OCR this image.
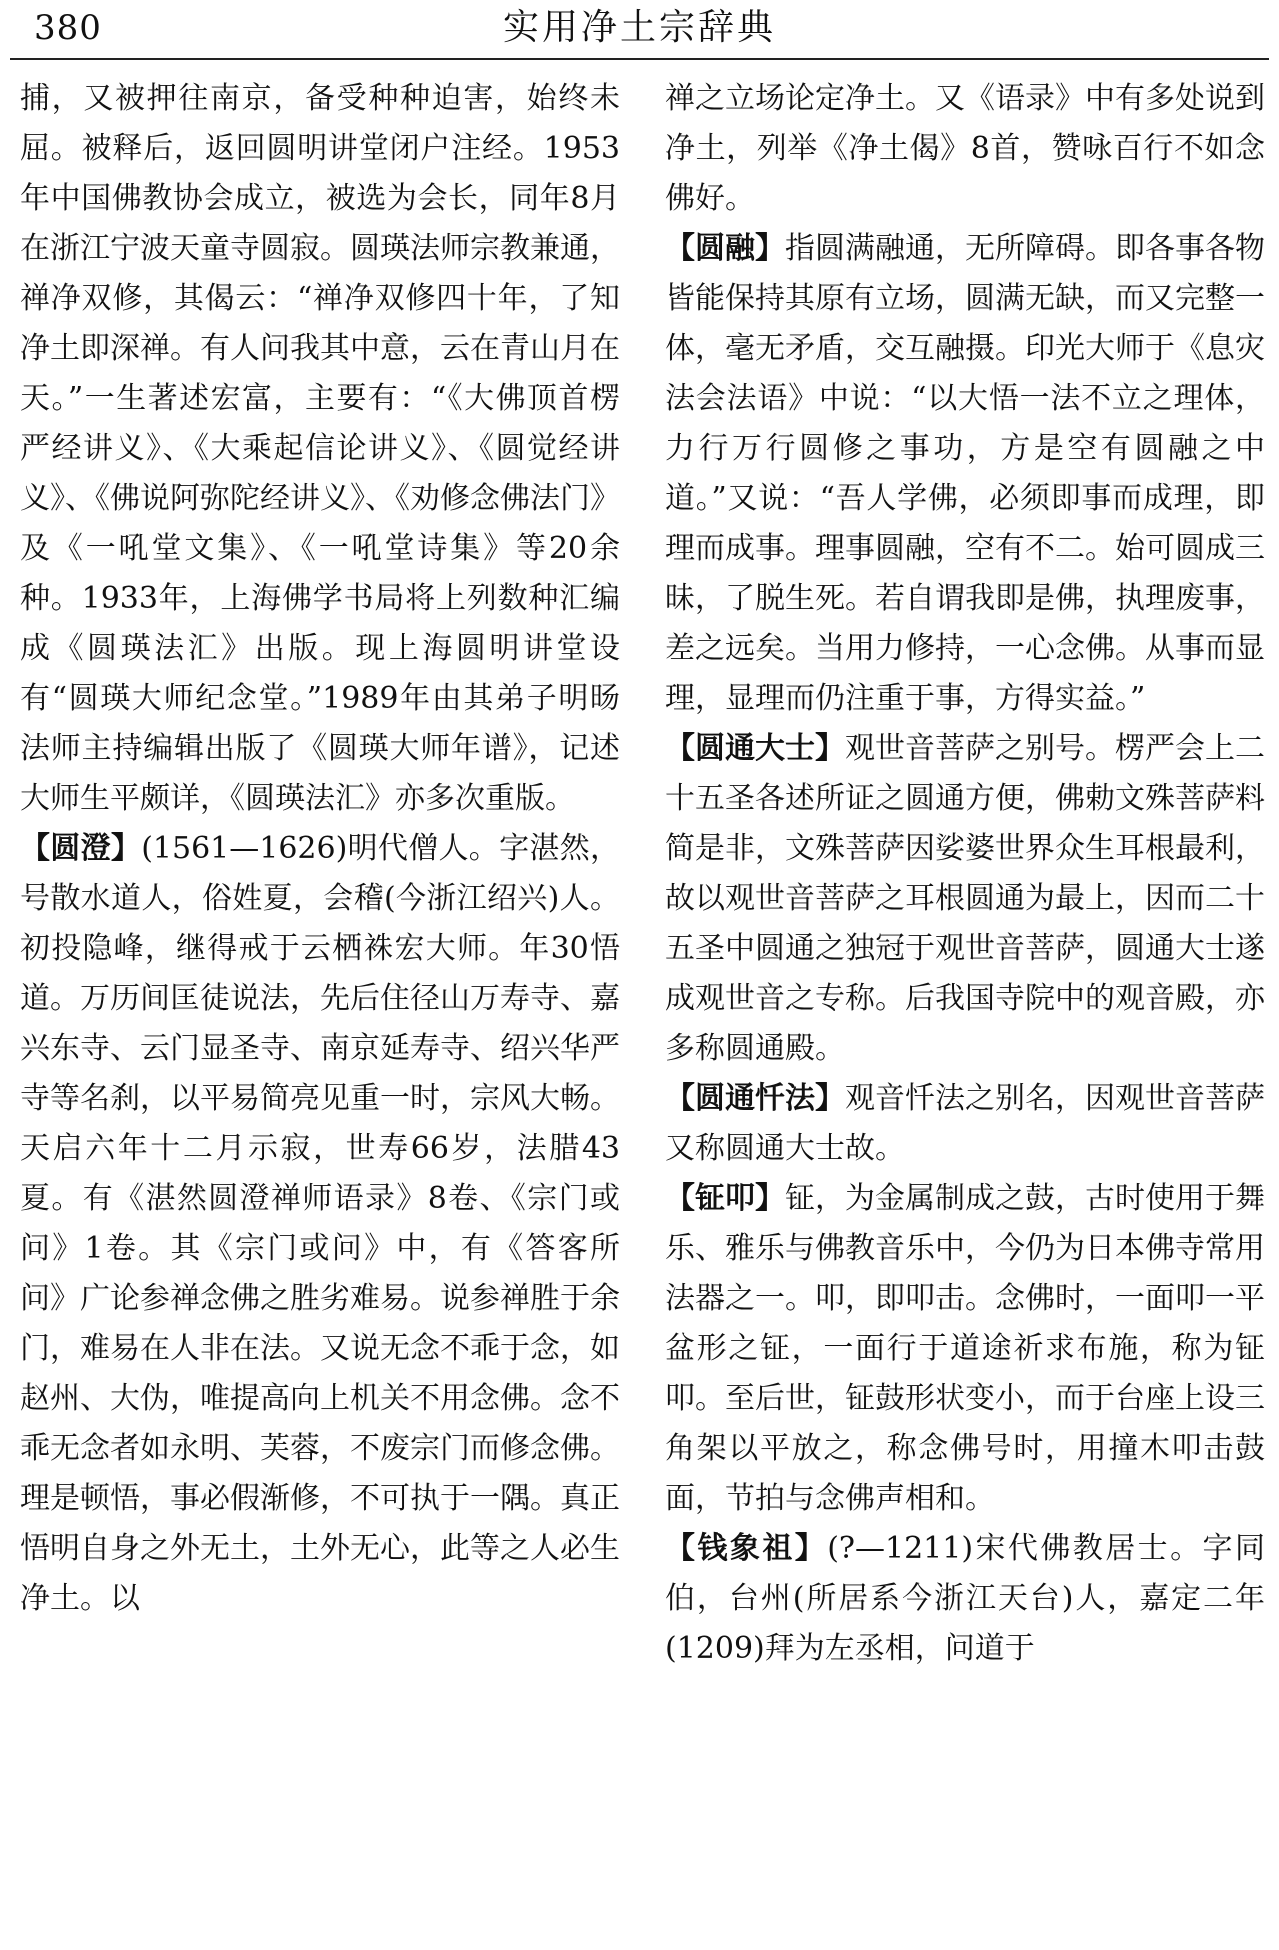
380	实用净土宗辞典

捕，又被押往南京，备受种种迫害，始终未屈。被释后，返回圆明讲堂闭户注经。1953年中国佛教协会成立，被选为会长，同年8月在浙江宁波天童寺圆寂。圆瑛法师宗教兼通，禅净双修，其偈云：“禅净双修四十年，了知净土即深禅。有人问我其中意，云在青山月在天。”一生著述宏富，主要有：“《大佛顶首楞严经讲义》、《大乘起信论讲义》、《圆觉经讲义》、《佛说阿弥陀经讲义》、《劝修念佛法门》及《一吼堂文集》、《一吼堂诗集》等20余种。1933年，上海佛学书局将上列数种汇编成《圆瑛法汇》出版。现上海圆明讲堂设有“圆瑛大师纪念堂。”1989年由其弟子明旸法师主持编辑出版了《圆瑛大师年谱》，记述大师生平颇详，《圆瑛法汇》亦多次重版。

【圆澄】(1561—1626)明代僧人。字湛然，号散水道人，俗姓夏，会稽(今浙江绍兴)人。初投隐峰，继得戒于云栖袾宏大师。年30悟道。万历间匡徒说法，先后住径山万寿寺、嘉兴东寺、云门显圣寺、南京延寿寺、绍兴华严寺等名刹，以平易简亮见重一时，宗风大畅。天启六年十二月示寂，世寿66岁，法腊43夏。有《湛然圆澄禅师语录》8卷、《宗门或问》1卷。其《宗门或问》中，有《答客所问》广论参禅念佛之胜劣难易。说参禅胜于余门，难易在人非在法。又说无念不乖于念，如赵州、大伪，唯提高向上机关不用念佛。念不乖无念者如永明、芙蓉，不废宗门而修念佛。理是顿悟，事必假渐修，不可执于一隅。真正悟明自身之外无土，土外无心，此等之人必生净土。以

禅之立场论定净土。又《语录》中有多处说到净土，列举《净土偈》8首，赞咏百行不如念佛好。

【圆融】指圆满融通，无所障碍。即各事各物皆能保持其原有立场，圆满无缺，而又完整一体，毫无矛盾，交互融摄。印光大师于《息灾法会法语》中说：“以大悟一法不立之理体，力行万行圆修之事功，方是空有圆融之中道。”又说：“吾人学佛，必须即事而成理，即理而成事。理事圆融，空有不二。始可圆成三昧，了脱生死。若自谓我即是佛，执理废事，差之远矣。当用力修持，一心念佛。从事而显理，显理而仍注重于事，方得实益。”

【圆通大士】观世音菩萨之别号。楞严会上二十五圣各述所证之圆通方便，佛勅文殊菩萨料简是非，文殊菩萨因娑婆世界众生耳根最利，故以观世音菩萨之耳根圆通为最上，因而二十五圣中圆通之独冠于观世音菩萨，圆通大士遂成观世音之专称。后我国寺院中的观音殿，亦多称圆通殿。

【圆通忏法】观音忏法之别名，因观世音菩萨又称圆通大士故。

【钲叩】钲，为金属制成之鼓，古时使用于舞乐、雅乐与佛教音乐中，今仍为日本佛寺常用法器之一。叩，即叩击。念佛时，一面叩一平盆形之钲，一面行于道途祈求布施，称为钲叩。至后世，钲鼓形状变小，而于台座上设三角架以平放之，称念佛号时，用撞木叩击鼓面，节拍与念佛声相和。

【钱象祖】(?—1211)宋代佛教居士。字同伯，台州(所居系今浙江天台)人，嘉定二年(1209)拜为左丞相，问道于
